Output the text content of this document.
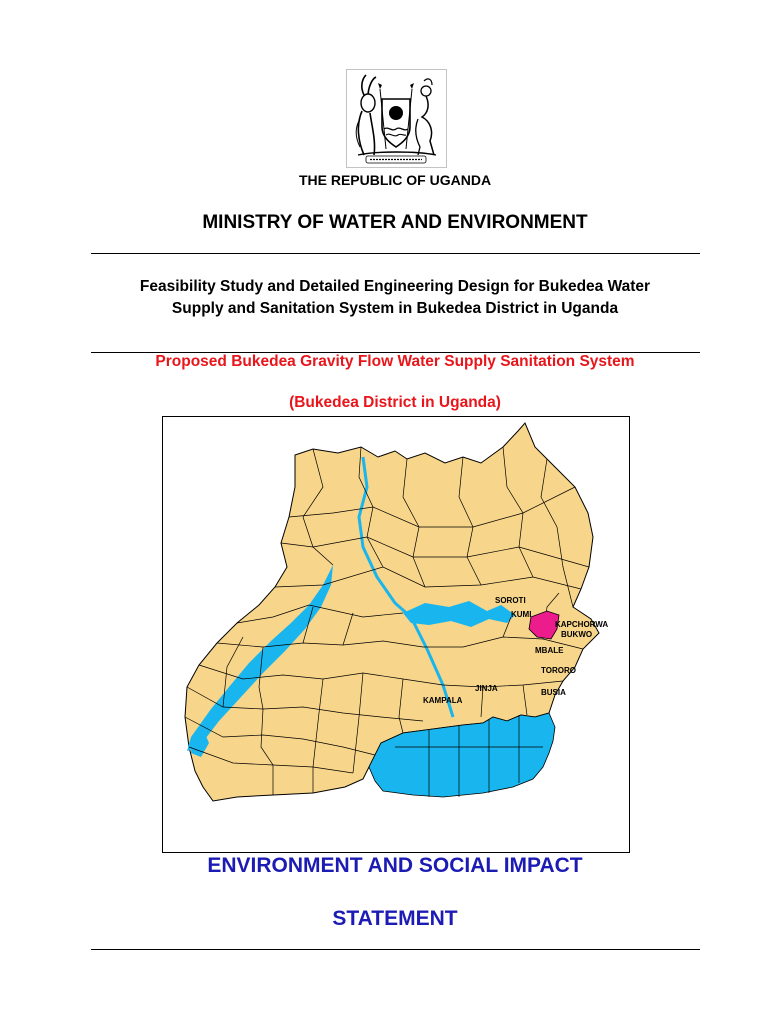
THE REPUBLIC OF UGANDA
MINISTRY OF WATER AND ENVIRONMENT
Feasibility Study and Detailed Engineering Design for Bukedea Water
Supply and Sanitation System in Bukedea District in Uganda
Proposed Bukedea Gravity Flow Water Supply Sanitation System
(Bukedea District in Uganda)
SOROTI
KUMI
KAPCHORWA
BUKWO
MBALE
TORORO
BUSIA
JINJA
KAMPALA
ENVIRONMENT AND SOCIAL IMPACT
STATEMENT
